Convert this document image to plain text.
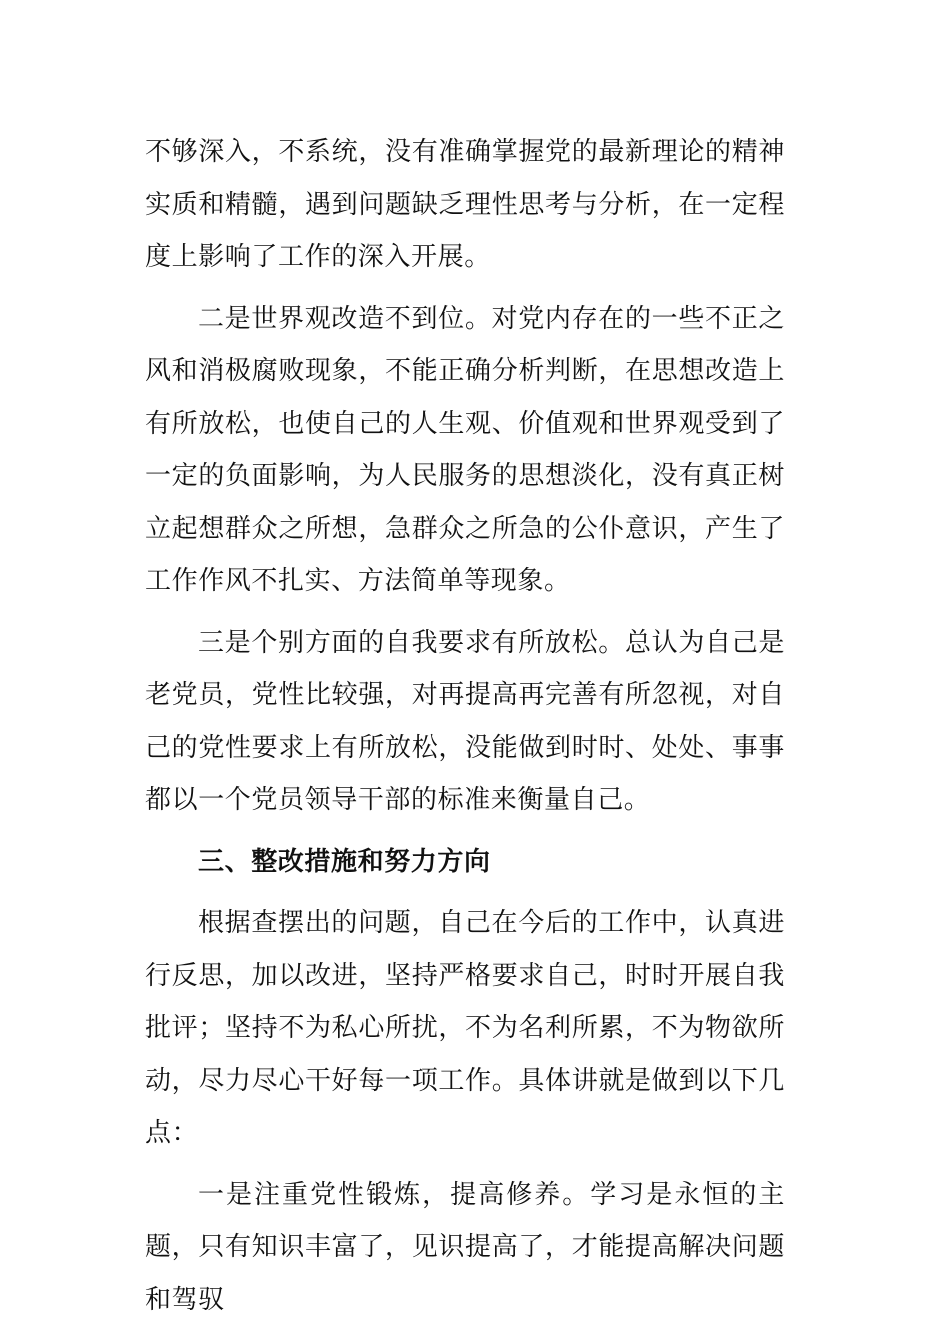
不够深入，不系统，没有准确掌握党的最新理论的精神实质和精髓，遇到问题缺乏理性思考与分析，在一定程度上影响了工作的深入开展。

二是世界观改造不到位。对党内存在的一些不正之风和消极腐败现象，不能正确分析判断，在思想改造上有所放松，也使自己的人生观、价值观和世界观受到了一定的负面影响，为人民服务的思想淡化，没有真正树立起想群众之所想，急群众之所急的公仆意识，产生了工作作风不扎实、方法简单等现象。

三是个别方面的自我要求有所放松。总认为自己是老党员，党性比较强，对再提高再完善有所忽视，对自己的党性要求上有所放松，没能做到时时、处处、事事都以一个党员领导干部的标准来衡量自己。

三、整改措施和努力方向

根据查摆出的问题，自己在今后的工作中，认真进行反思，加以改进，坚持严格要求自己，时时开展自我批评；坚持不为私心所扰，不为名利所累，不为物欲所动，尽力尽心干好每一项工作。具体讲就是做到以下几点：

一是注重党性锻炼，提高修养。学习是永恒的主题，只有知识丰富了，见识提高了，才能提高解决问题和驾驭
